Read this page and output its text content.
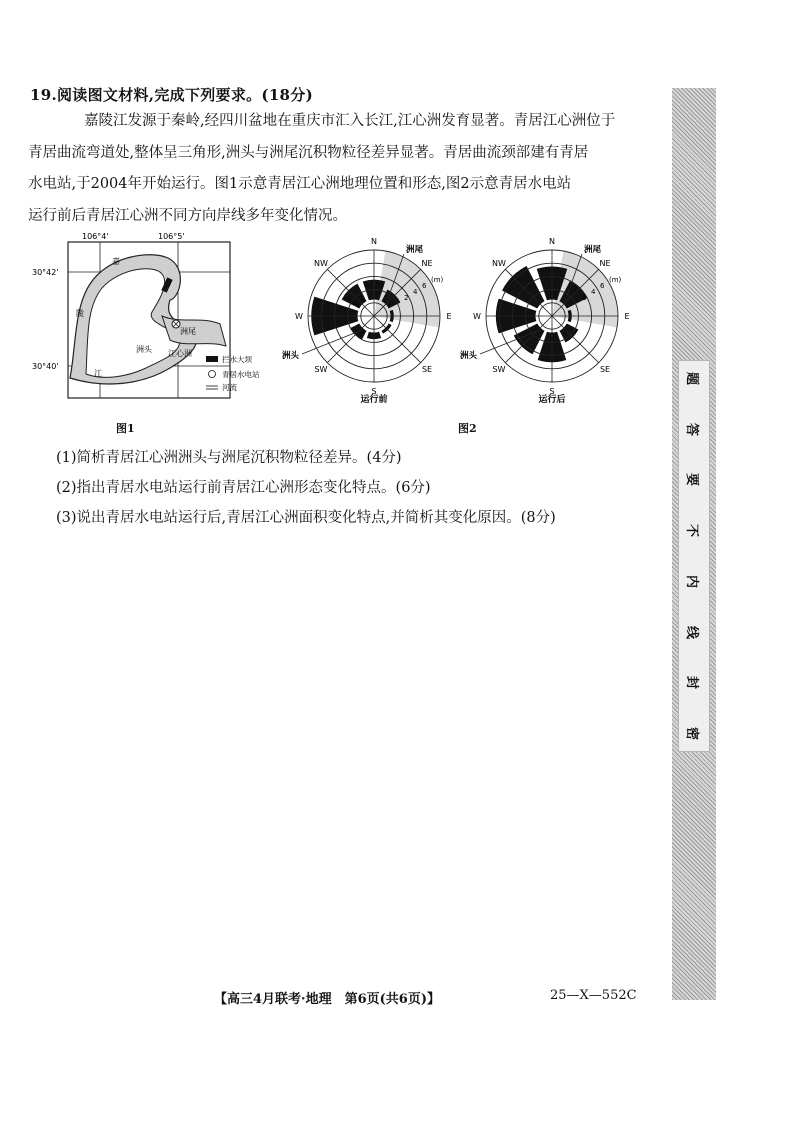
19.阅读图文材料,完成下列要求。(18分)
嘉陵江发源于秦岭,经四川盆地在重庆市汇入长江,江心洲发育显著。青居江心洲位于
青居曲流弯道处,整体呈三角形,洲头与洲尾沉积物粒径差异显著。青居曲流颈部建有青居
水电站,于2004年开始运行。图1示意青居江心洲地理位置和形态,图2示意青居水电站
运行前后青居江心洲不同方向岸线多年变化情况。
106°4'	106°5'
30°42'
30°40'
嘉
陵
江
洲尾
洲头 江心洲
拦水大坝
青居水电站
河流
图1
N
NE
E
SE
S
SW
W
NW
2
4
6
(m)
洲尾
洲头
运行前
N
NE
E
SE
S
SW
W
NW
2
4
6
(m)
洲尾
洲头
运行后
图2
(1)简析青居江心洲洲头与洲尾沉积物粒径差异。(4分)
(2)指出青居水电站运行前青居江心洲形态变化特点。(6分)
(3)说出青居水电站运行后,青居江心洲面积变化特点,并简析其变化原因。(8分)
【高三4月联考·地理　第6页(共6页)】	25—X—552C
题
答
要
不
内
线
封
密
